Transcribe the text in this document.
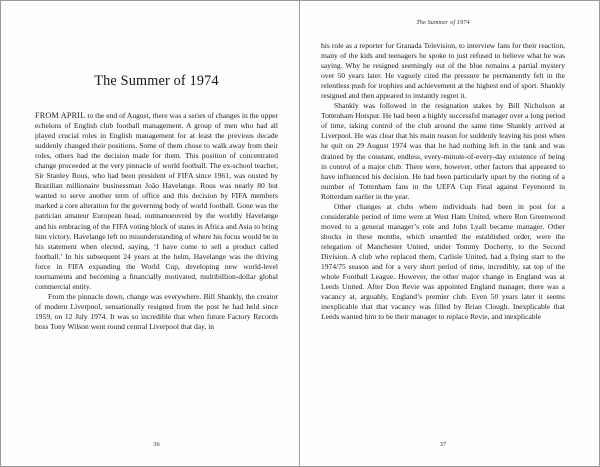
The Summer of 1974

FROM APRIL to the end of August, there was a series of changes in the upper echelons of English club football management. A group of men who had all played crucial roles in English management for at least the previous decade suddenly changed their positions. Some of them chose to walk away from their roles, others had the decision made for them. This position of concentrated change proceeded at the very pinnacle of world football. The ex-school teacher, Sir Stanley Rous, who had been president of FIFA since 1961, was ousted by Brazilian millionaire businessman João Havelange. Rous was nearly 80 but wanted to serve another term of office and this decision by FIFA members marked a core alteration for the governing body of world football. Gone was the patrician amateur European head, outmanoeuvred by the worldly Havelange and his embracing of the FIFA voting block of states in Africa and Asia to bring him victory. Havelange left no misunderstanding of where his focus would be in his statement when elected, saying, ‘I have come to sell a product called football.’ In his subsequent 24 years at the helm, Havelange was the driving force in FIFA expanding the World Cup, developing new world-level tournaments and becoming a financially motivated, multibillion-dollar global commercial entity.

From the pinnacle down, change was everywhere. Bill Shankly, the creator of modern Liverpool, sensationally resigned from the post he had held since 1959, on 12 July 1974. It was so incredible that when future Factory Records boss Tony Wilson went round central Liverpool that day, in

36
The Summer of 1974

his role as a reporter for Granada Television, to interview fans for their reaction, many of the kids and teenagers he spoke to just refused to believe what he was saying. Why he resigned seemingly out of the blue remains a partial mystery over 50 years later. He vaguely cited the pressure he permanently felt in the relentless push for trophies and achievement at the highest end of sport. Shankly resigned and then appeared to instantly regret it.

Shankly was followed in the resignation stakes by Bill Nicholson at Tottenham Hotspur. He had been a highly successful manager over a long period of time, taking control of the club around the same time Shankly arrived at Liverpool. He was clear that his main reason for suddenly leaving his post when he quit on 29 August 1974 was that he had nothing left in the tank and was drained by the constant, endless, every-minute-of-every-day existence of being in control of a major club. There were, however, other factors that appeared to have influenced his decision. He had been particularly upset by the rioting of a number of Tottenham fans in the UEFA Cup Final against Feyenoord in Rotterdam earlier in the year.

Other changes at clubs where individuals had been in post for a considerable period of time were at West Ham United, where Ron Greenwood moved to a general manager’s role and John Lyall became manager. Other shocks in these months, which unsettled the established order, were the relegation of Manchester United, under Tommy Docherty, to the Second Division. A club who replaced them, Carlisle United, had a flying start to the 1974/75 season and for a very short period of time, incredibly, sat top of the whole Football League. However, the other major change in England was at Leeds United. After Don Revie was appointed England manager, there was a vacancy at, arguably, England’s premier club. Even 50 years later it seems inexplicable that that vacancy was filled by Brian Clough. Inexplicable that Leeds wanted him to be their manager to replace Revie, and inexplicable

37
